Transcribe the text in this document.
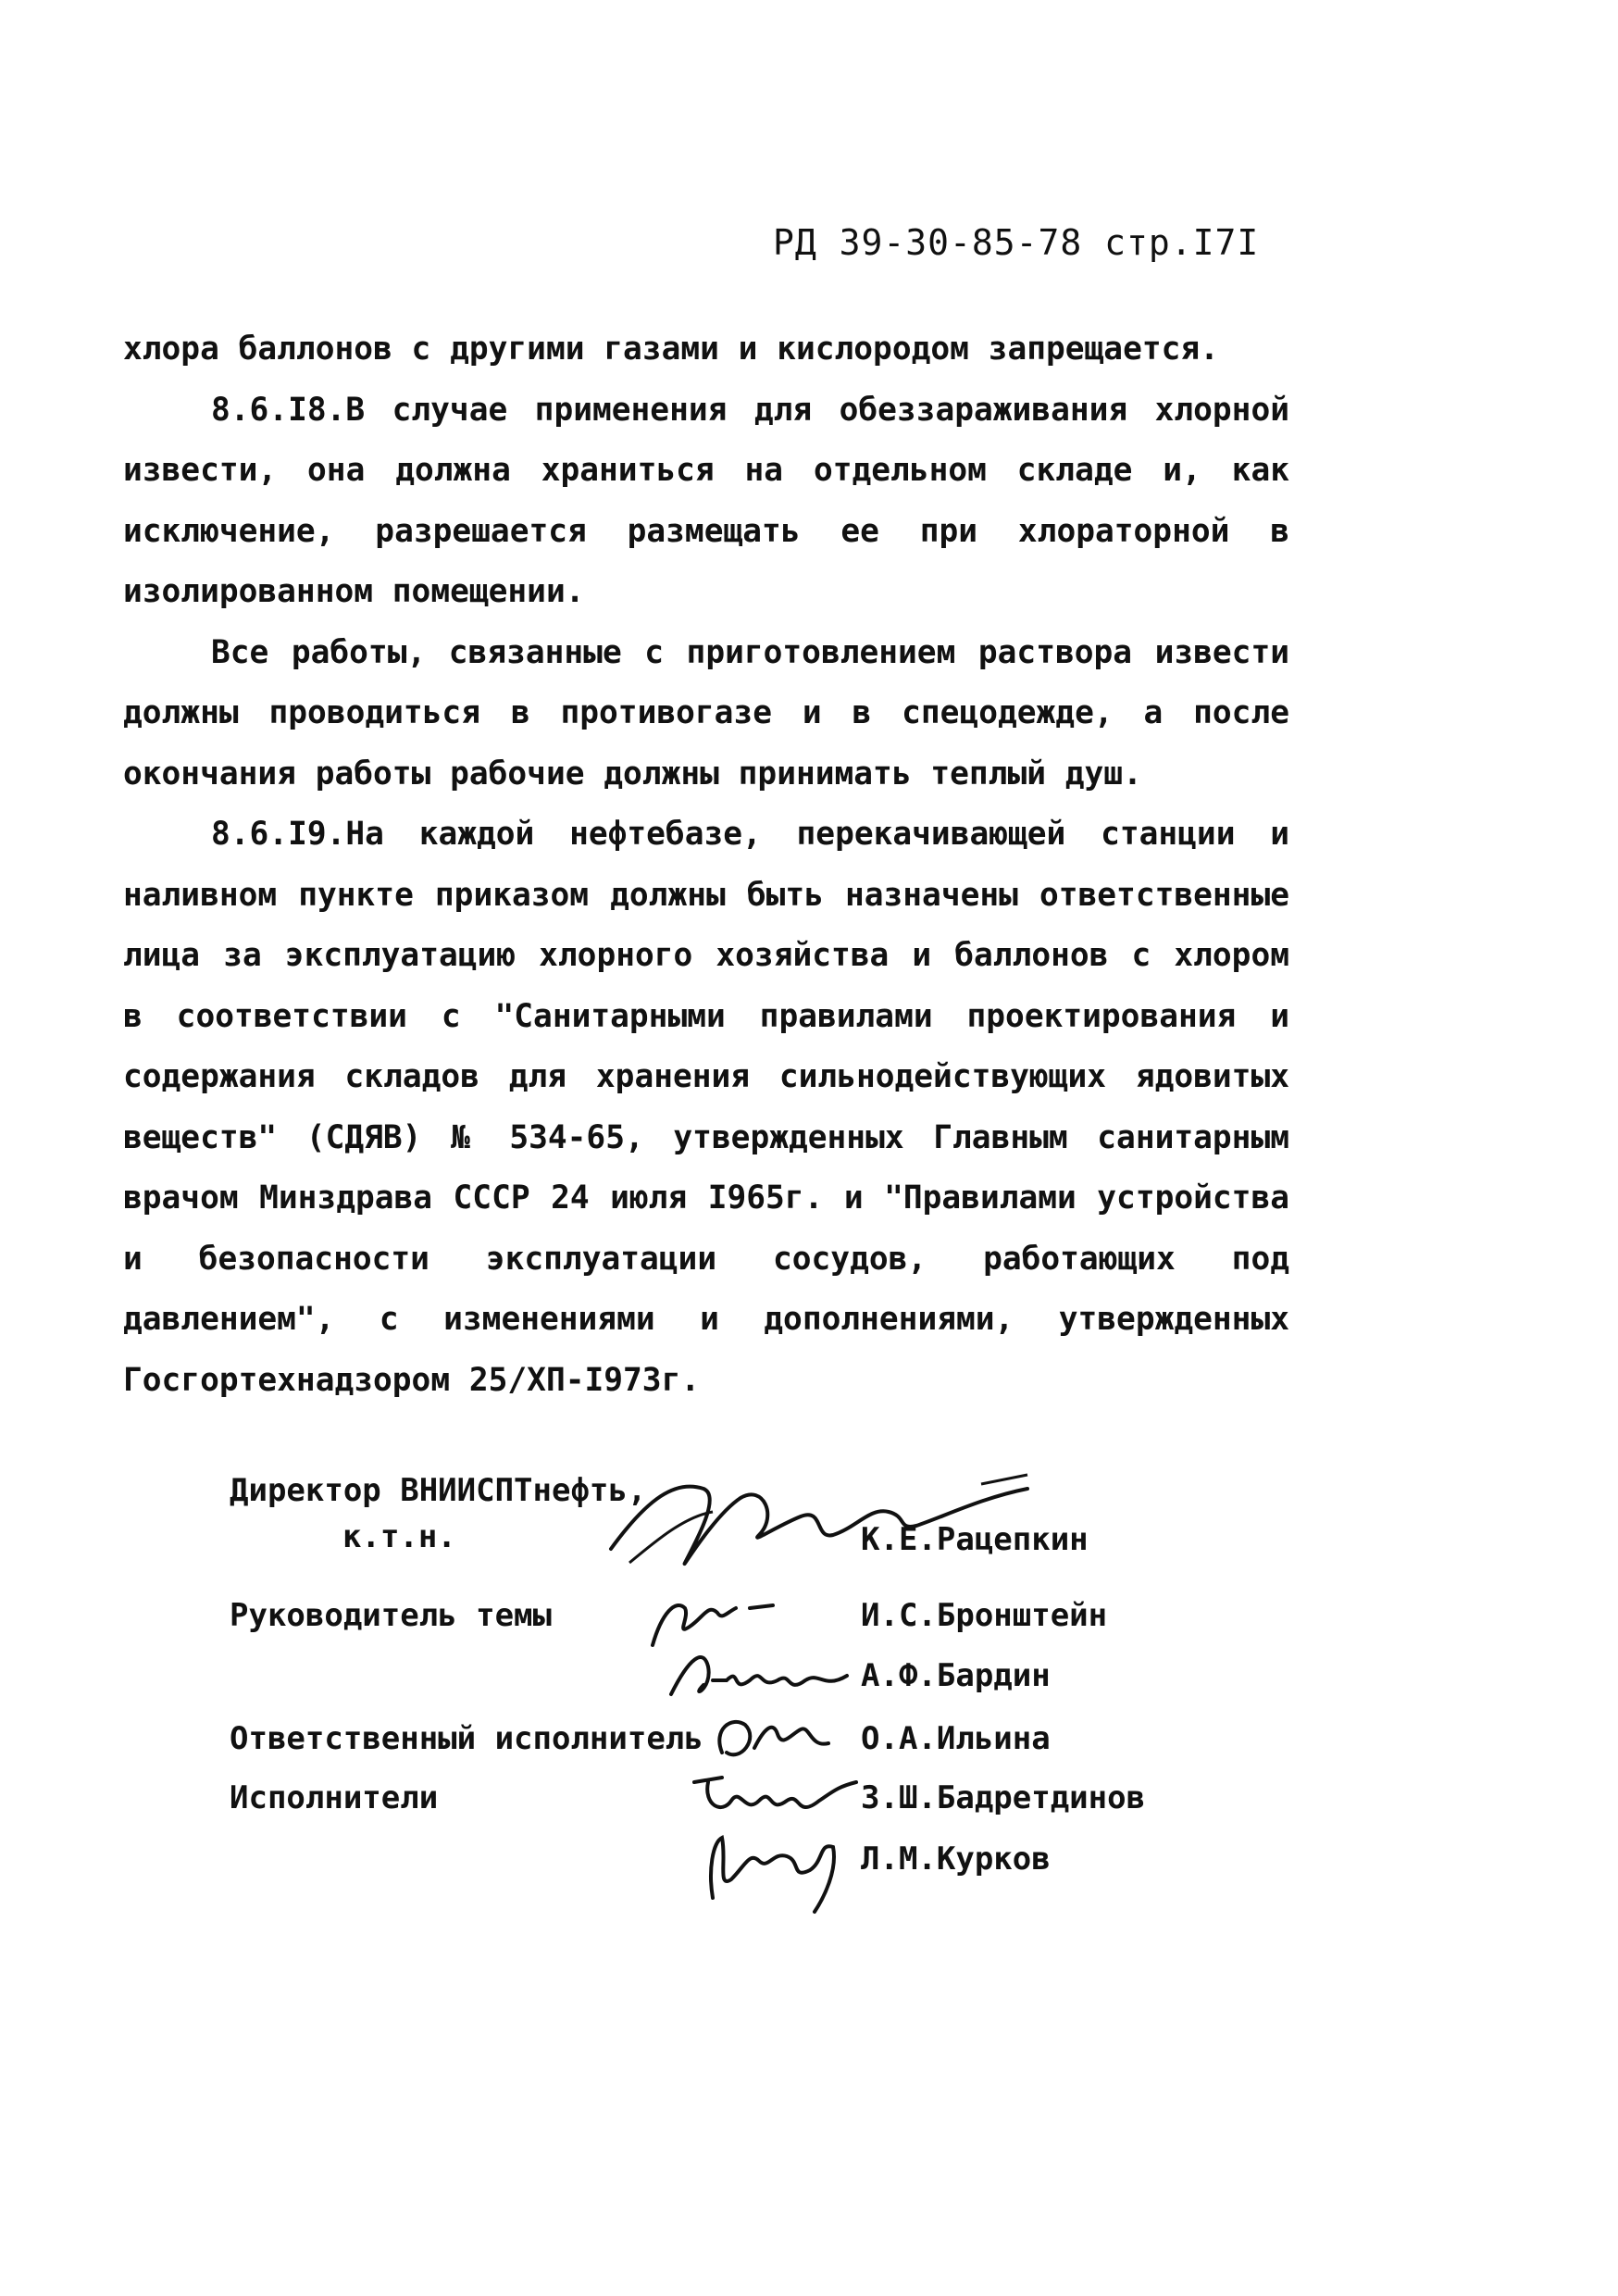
РД 39-30-85-78 стр.I7I

хлора баллонов с другими газами и кислородом запрещается.

8.6.I8.В случае применения для обеззараживания хлорной извести, она должна храниться на отдельном складе и, как исключение, разрешается размещать ее при хлораторной в изолированном помещении.

Все работы, связанные с приготовлением раствора извести должны проводиться в противогазе и в спецодежде, а после окончания работы рабочие должны принимать теплый душ.

8.6.I9.На каждой нефтебазе, перекачивающей станции и наливном пункте приказом должны быть назначены ответственные лица за эксплуатацию хлорного хозяйства и баллонов с хлором в соответствии с "Санитарными правилами проектирования и содержания складов для хранения сильнодействующих ядовитых веществ" (СДЯВ) № 534-65, утвержденных Главным санитарным врачом Минздрава СССР 24 июля I965г. и "Правилами устройства и безопасности эксплуатации сосудов, работающих под давлением", с изменениями и дополнениями, утвержденных Госгортехнадзором 25/ХП-I973г.

Директор ВНИИСПТнефть,
к.т.н.	К.Е.Рацепкин
Руководитель темы	И.С.Бронштейн
А.Ф.Бардин
Ответственный исполнитель	О.А.Ильина
Исполнители	З.Ш.Бадретдинов
Л.М.Курков
